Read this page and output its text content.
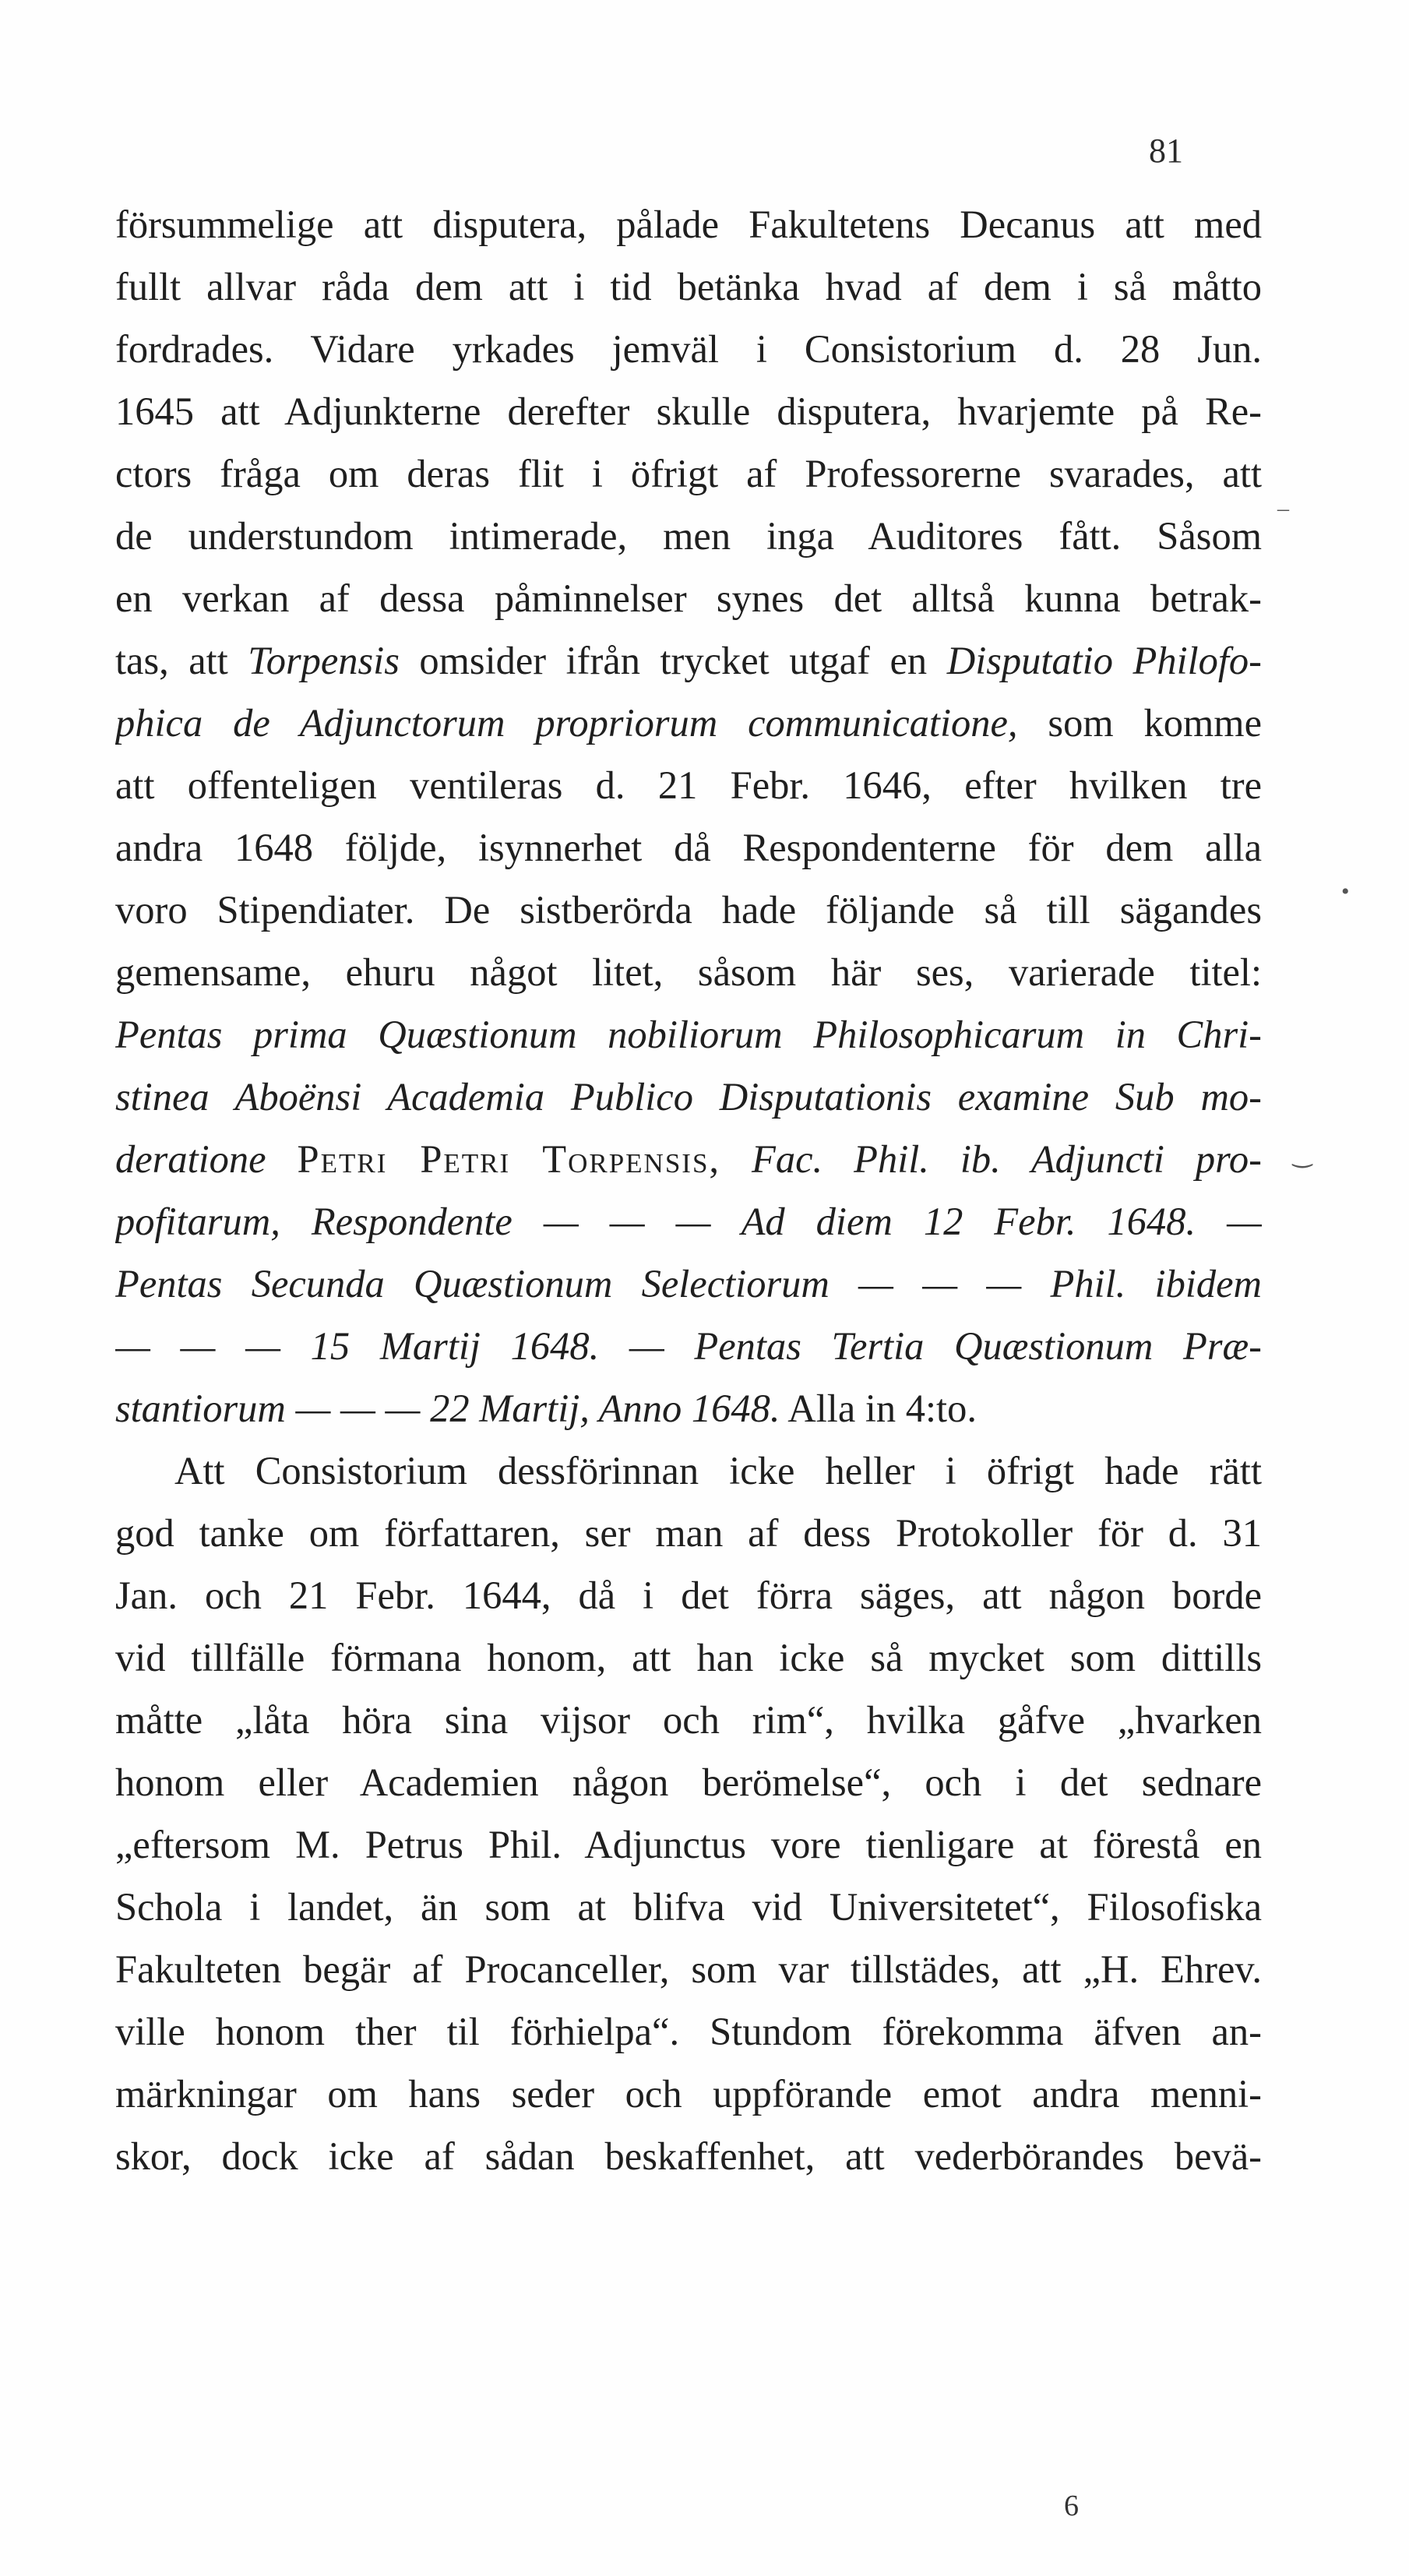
81
försummelige att disputera, pålade Fakultetens Decanus att med
fullt allvar råda dem att i tid betänka hvad af dem i så måtto
fordrades. Vidare yrkades jemväl i Consistorium d. 28 Jun.
1645 att Adjunkterne derefter skulle disputera, hvarjemte på Re-
ctors fråga om deras flit i öfrigt af Professorerne svarades, att
de understundom intimerade, men inga Auditores fått. Såsom
en verkan af dessa påminnelser synes det alltså kunna betrak-
tas, att Torpensis omsider ifrån trycket utgaf en Disputatio Philofo-
phica de Adjunctorum propriorum communicatione, som komme
att offenteligen ventileras d. 21 Febr. 1646, efter hvilken tre
andra 1648 följde, isynnerhet då Respondenterne för dem alla
voro Stipendiater. De sistberörda hade följande så till sägandes
gemensame, ehuru något litet, såsom här ses, varierade titel:
Pentas prima Quæstionum nobiliorum Philosophicarum in Chri-
stinea Aboënsi Academia Publico Disputationis examine Sub mo-
deratione Petri Petri Torpensis, Fac. Phil. ib. Adjuncti pro-
pofitarum, Respondente — — — Ad diem 12 Febr. 1648. —
Pentas Secunda Quæstionum Selectiorum — — — Phil. ibidem
— — — 15 Martij 1648. — Pentas Tertia Quæstionum Præ-
stantiorum — — — 22 Martij, Anno 1648. Alla in 4:to.
Att Consistorium dessförinnan icke heller i öfrigt hade rätt
god tanke om författaren, ser man af dess Protokoller för d. 31
Jan. och 21 Febr. 1644, då i det förra säges, att någon borde
vid tillfälle förmana honom, att han icke så mycket som dittills
måtte „låta höra sina vijsor och rim“, hvilka gåfve „hvarken
honom eller Academien någon berömelse“, och i det sednare
„eftersom M. Petrus Phil. Adjunctus vore tienligare at förestå en
Schola i landet, än som at blifva vid Universitetet“, Filosofiska
Fakulteten begär af Procanceller, som var tillstädes, att „H. Ehrev.
ville honom ther til förhielpa“. Stundom förekomma äfven an-
märkningar om hans seder och uppförande emot andra menni-
skor, dock icke af sådan beskaffenhet, att vederbörandes bevä-
6
_
•
‿
